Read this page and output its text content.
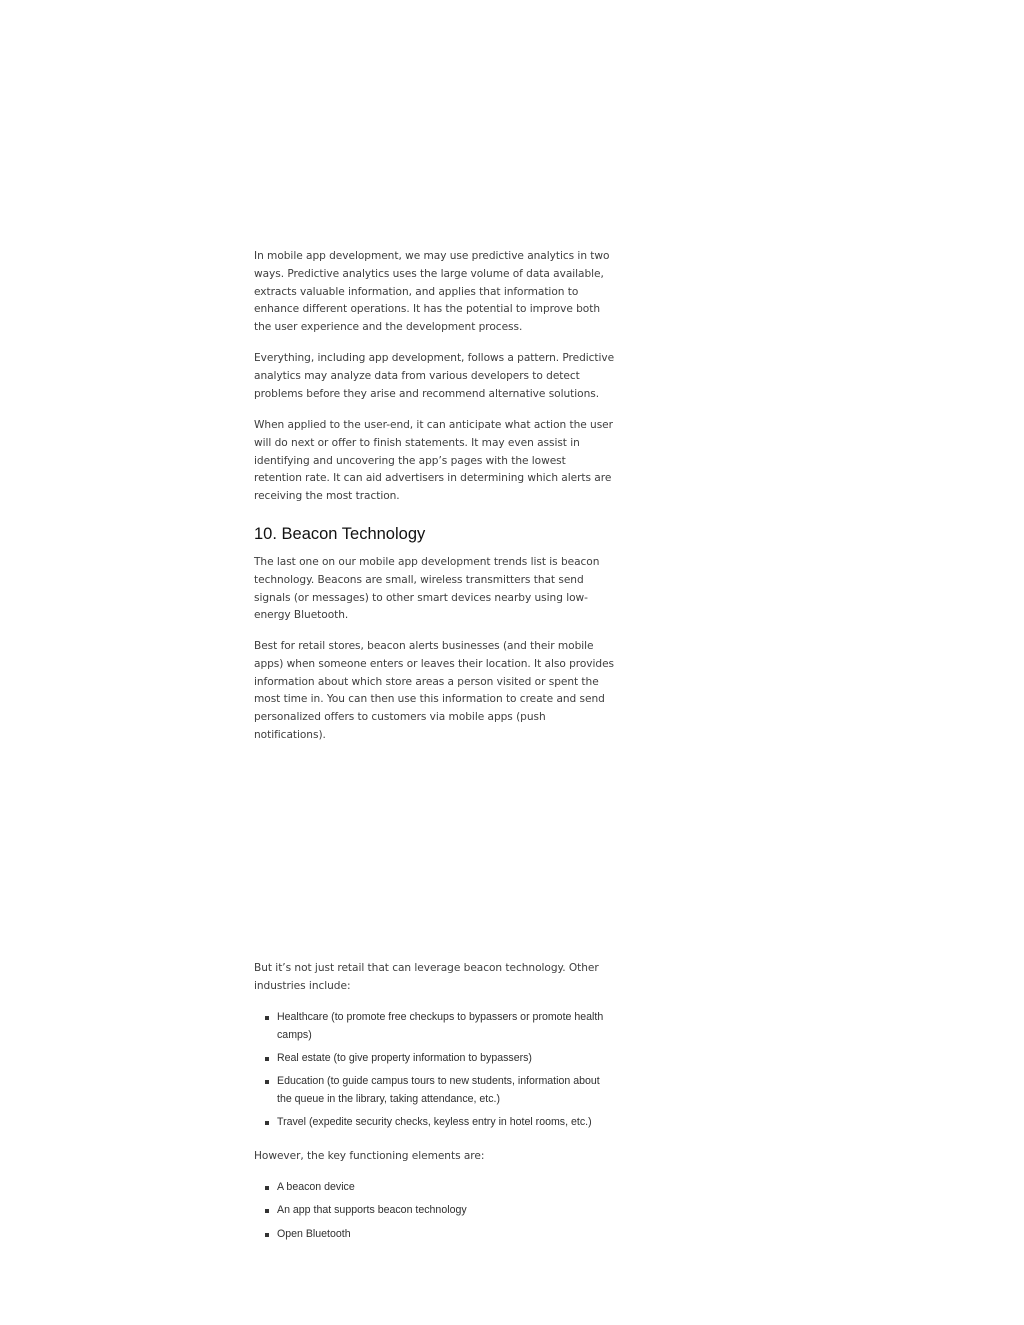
In mobile app development, we may use predictive analytics in two ways. Predictive analytics uses the large volume of data available, extracts valuable information, and applies that information to enhance different operations. It has the potential to improve both the user experience and the development process.

Everything, including app development, follows a pattern. Predictive analytics may analyze data from various developers to detect problems before they arise and recommend alternative solutions.

When applied to the user-end, it can anticipate what action the user will do next or offer to finish statements. It may even assist in identifying and uncovering the app’s pages with the lowest retention rate. It can aid advertisers in determining which alerts are receiving the most traction.

10. Beacon Technology

The last one on our mobile app development trends list is beacon technology. Beacons are small, wireless transmitters that send signals (or messages) to other smart devices nearby using low-energy Bluetooth.

Best for retail stores, beacon alerts businesses (and their mobile apps) when someone enters or leaves their location. It also provides information about which store areas a person visited or spent the most time in. You can then use this information to create and send personalized offers to customers via mobile apps (push notifications).

But it’s not just retail that can leverage beacon technology. Other industries include:

Healthcare (to promote free checkups to bypassers or promote health camps)
Real estate (to give property information to bypassers)
Education (to guide campus tours to new students, information about the queue in the library, taking attendance, etc.)
Travel (expedite security checks, keyless entry in hotel rooms, etc.)

However, the key functioning elements are:

A beacon device
An app that supports beacon technology
Open Bluetooth
